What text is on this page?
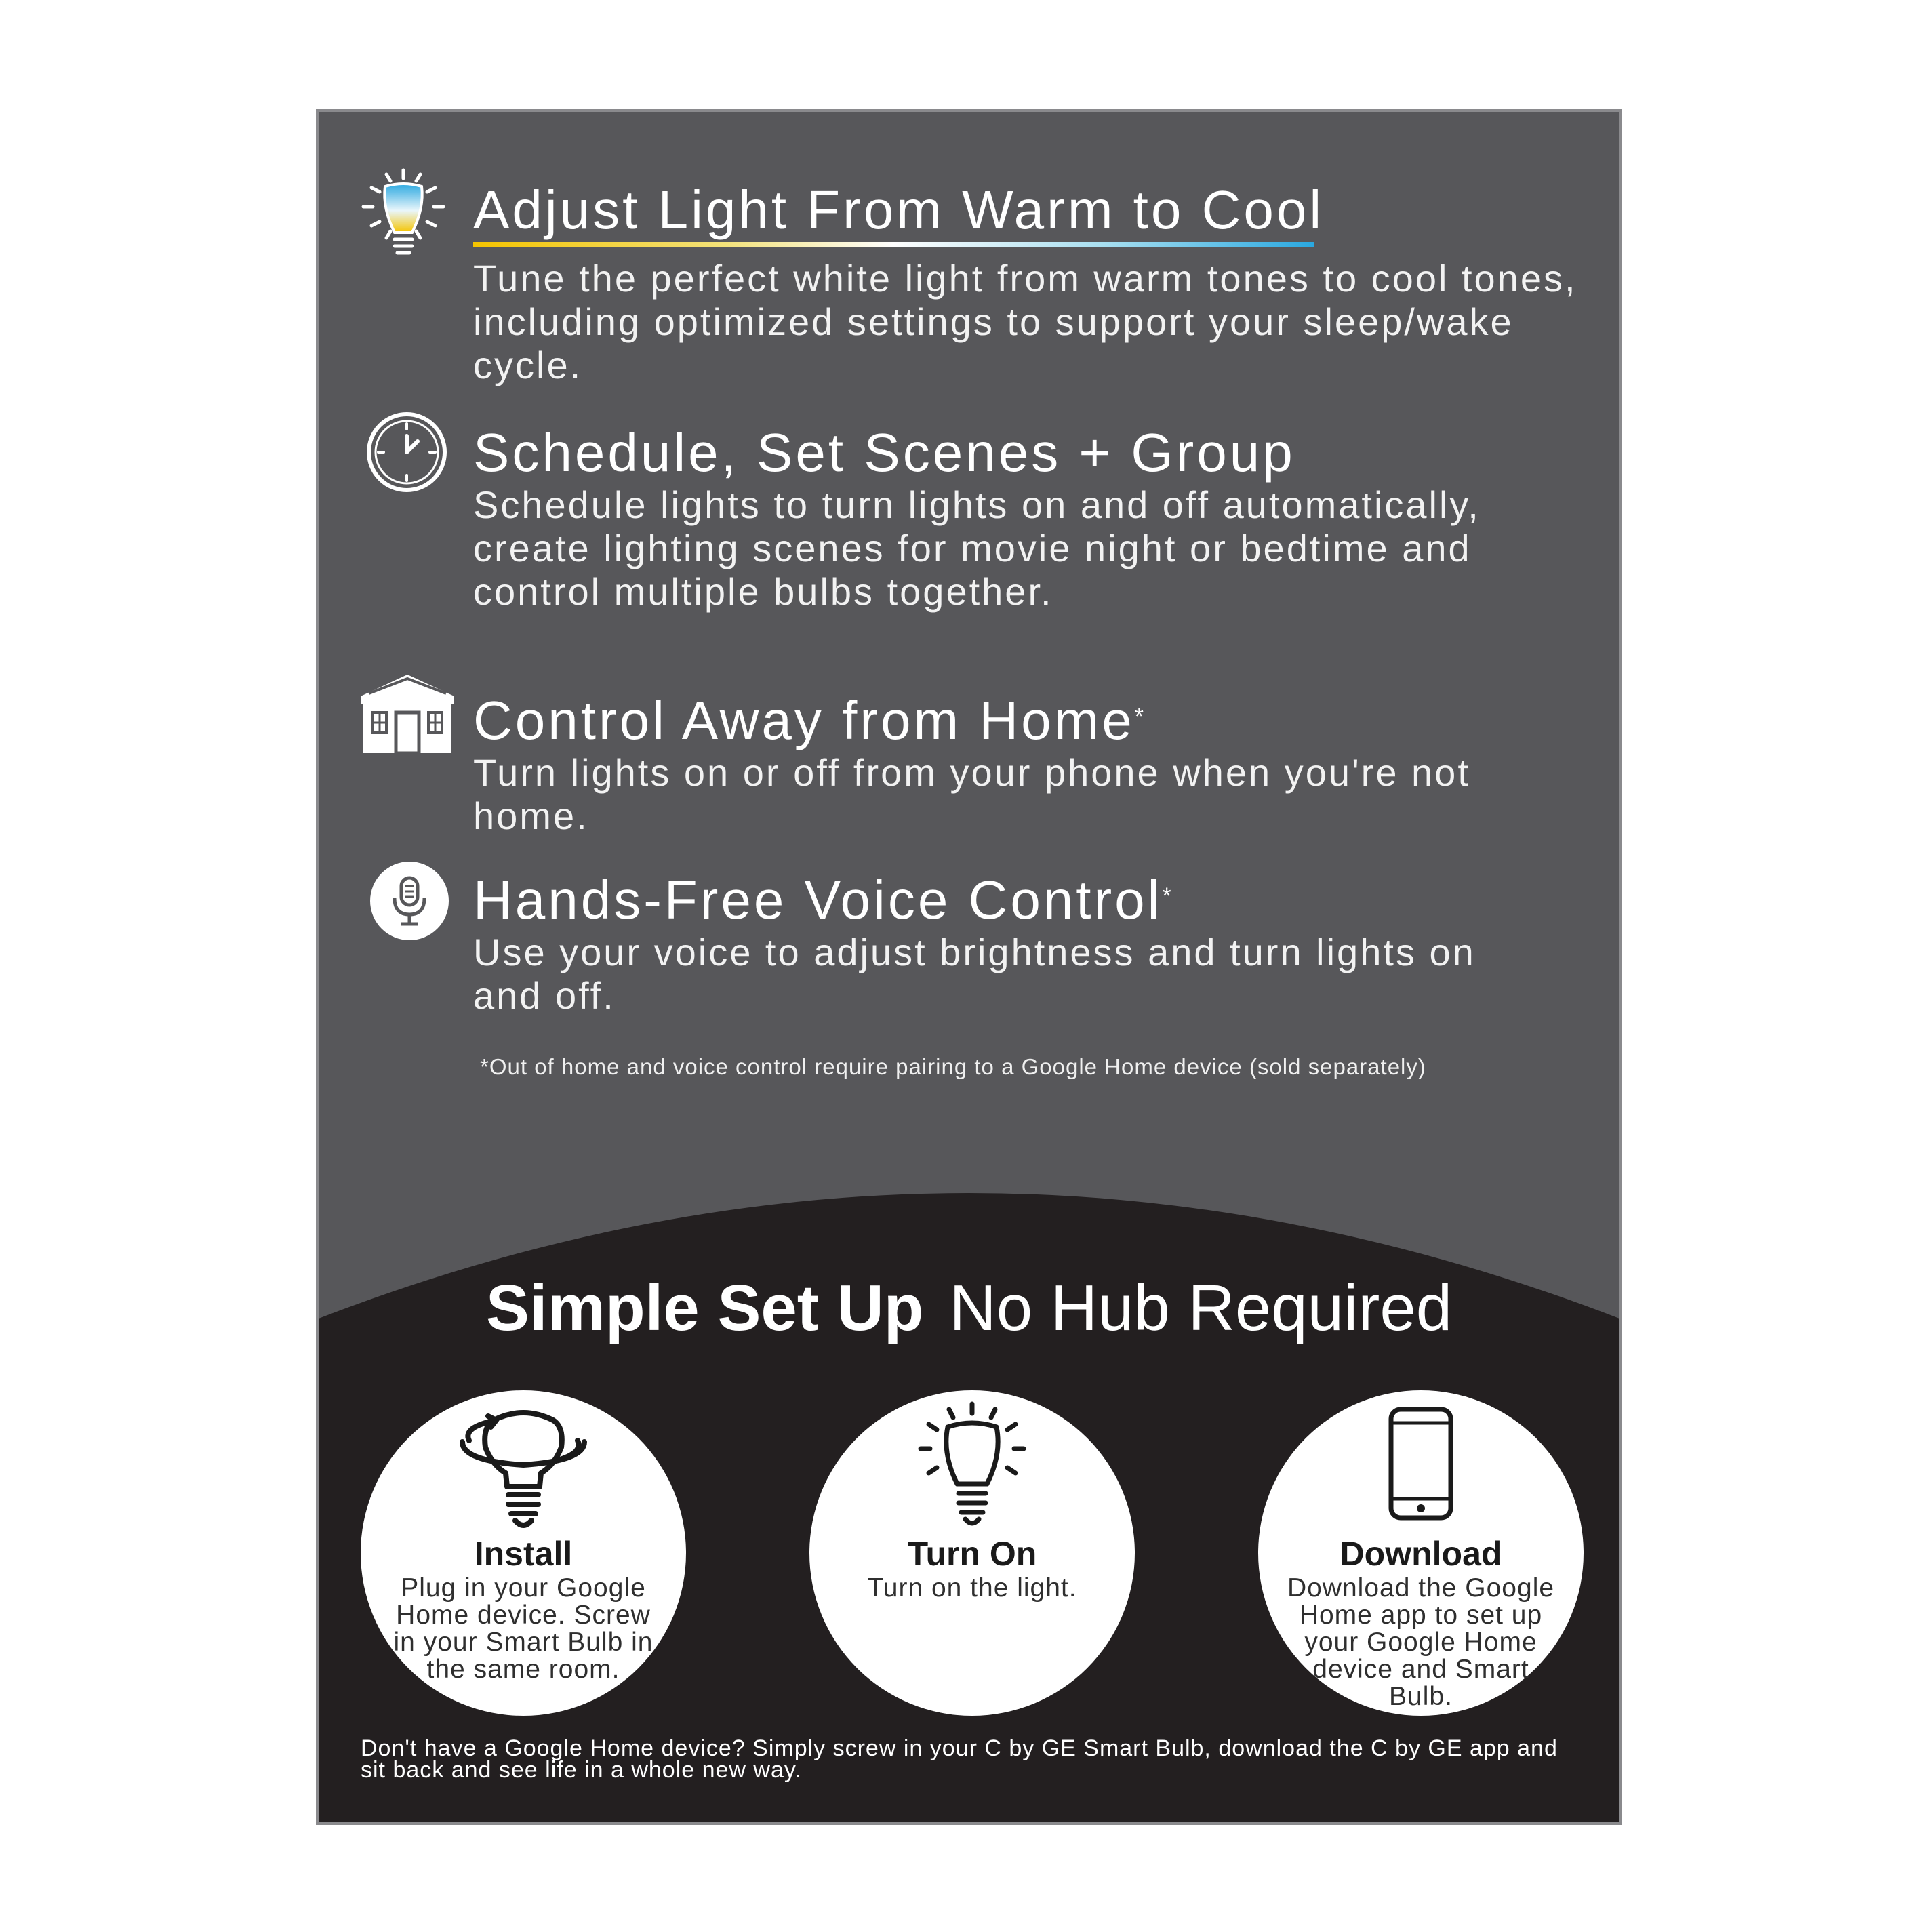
Adjust Light From Warm to Cool
Tune the perfect white light from warm tones to cool tones, including optimized settings to support your sleep/wake cycle.
Schedule, Set Scenes + Group
Schedule lights to turn lights on and off automatically, create lighting scenes for movie night or bedtime and control multiple bulbs together.
Control Away from Home*
Turn lights on or off from your phone when you're not home.
Hands-Free Voice Control*
Use your voice to adjust brightness and turn lights on and off.
*Out of home and voice control require pairing to a Google Home device (sold separately)
Simple Set Up No Hub Required
Install
Plug in your Google Home device. Screw in your Smart Bulb in the same room.
Turn On
Turn on the light.
Download
Download the Google Home app to set up your Google Home device and Smart Bulb.
Don't have a Google Home device? Simply screw in your C by GE Smart Bulb, download the C by GE app and sit back and see life in a whole new way.
